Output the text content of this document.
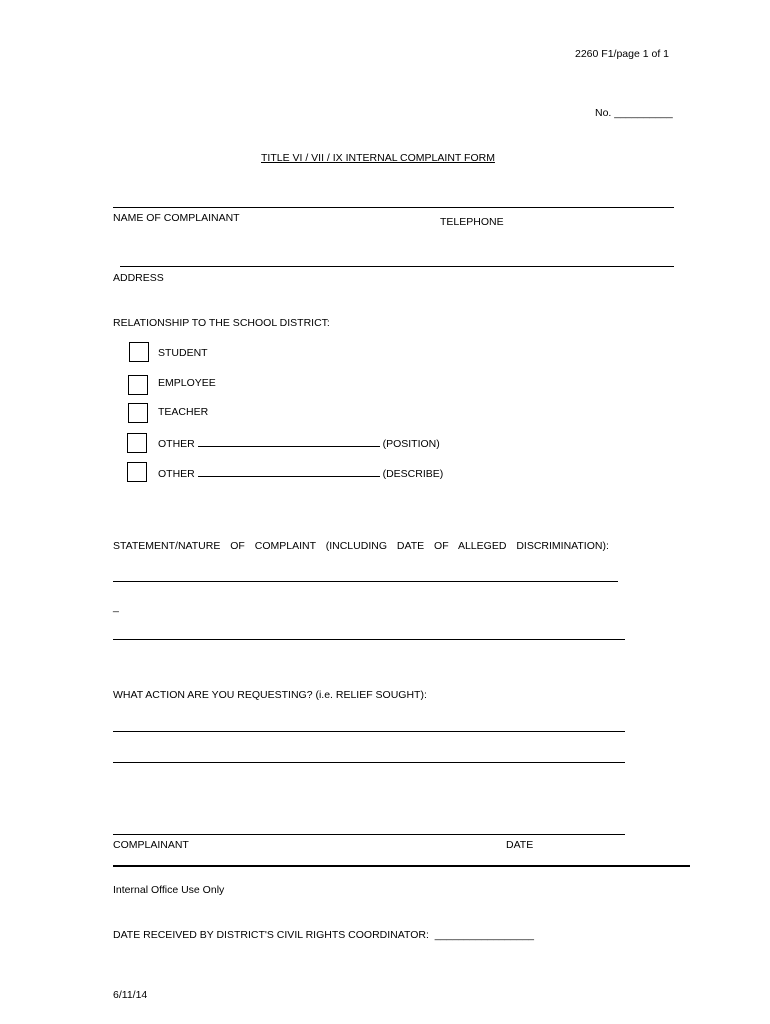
2260 F1/page 1 of 1
No. __________
TITLE VI / VII / IX INTERNAL COMPLAINT FORM
NAME OF COMPLAINANT	TELEPHONE
ADDRESS
RELATIONSHIP TO THE SCHOOL DISTRICT:
STUDENT
EMPLOYEE
TEACHER
OTHER	(POSITION)
OTHER	(DESCRIBE)
STATEMENT/NATURE OF COMPLAINT (INCLUDING DATE OF ALLEGED DISCRIMINATION):
_
WHAT ACTION ARE YOU REQUESTING? (i.e. RELIEF SOUGHT):
COMPLAINANT	DATE
Internal Office Use Only
DATE RECEIVED BY DISTRICT'S CIVIL RIGHTS COORDINATOR: _________________
6/11/14
